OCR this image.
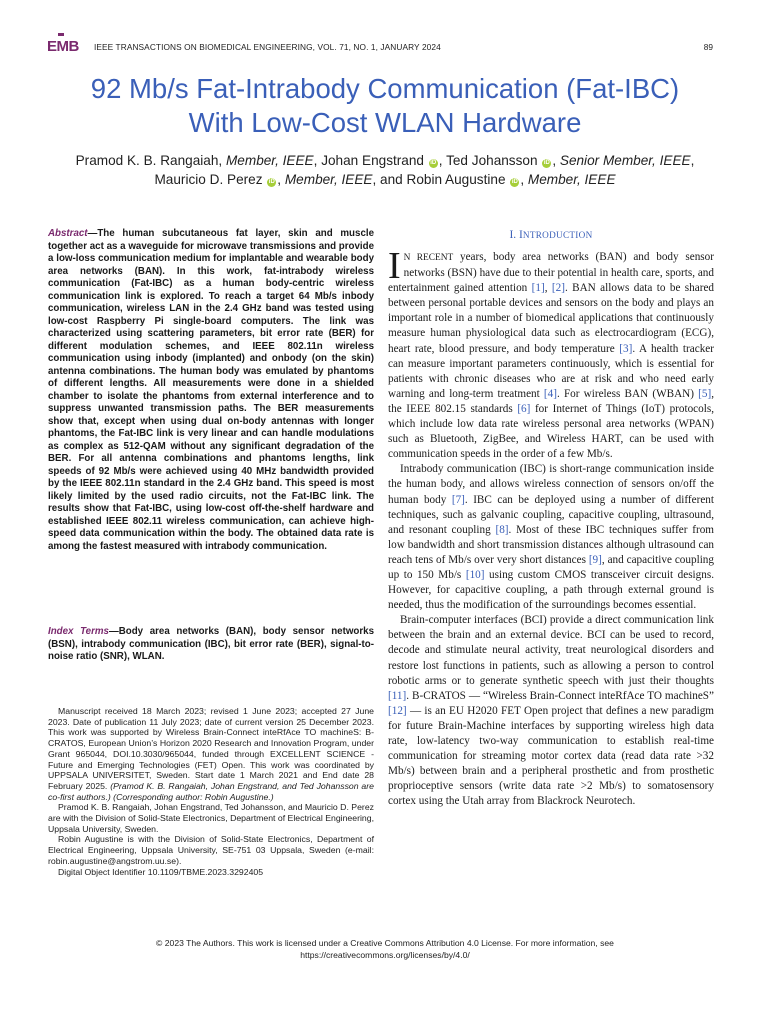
EMB IEEE TRANSACTIONS ON BIOMEDICAL ENGINEERING, VOL. 71, NO. 1, JANUARY 2024	89
92 Mb/s Fat-Intrabody Communication (Fat-IBC)
With Low-Cost WLAN Hardware
Pramod K. B. Rangaiah, Member, IEEE, Johan Engstrand iD , Ted Johansson iD , Senior Member, IEEE,
Mauricio D. Perez iD , Member, IEEE, and Robin Augustine iD , Member, IEEE
Abstract—The human subcutaneous fat layer, skin and muscle together act as a waveguide for microwave transmissions and provide a low-loss communication medium for implantable and wearable body area networks (BAN). In this work, fat-intrabody wireless communication (Fat-IBC) as a human body-centric wireless communication link is explored. To reach a target 64 Mb/s inbody communication, wireless LAN in the 2.4 GHz band was tested using low-cost Raspberry Pi single-board computers. The link was characterized using scattering parameters, bit error rate (BER) for different modulation schemes, and IEEE 802.11n wireless communication using inbody (implanted) and onbody (on the skin) antenna combinations. The human body was emulated by phantoms of different lengths. All measurements were done in a shielded chamber to isolate the phantoms from external interference and to suppress unwanted transmission paths. The BER measurements show that, except when using dual on-body antennas with longer phantoms, the Fat-IBC link is very linear and can handle modulations as complex as 512-QAM without any significant degradation of the BER. For all antenna combinations and phantoms lengths, link speeds of 92 Mb/s were achieved using 40 MHz bandwidth provided by the IEEE 802.11n standard in the 2.4 GHz band. This speed is most likely limited by the used radio circuits, not the Fat-IBC link. The results show that Fat-IBC, using low-cost off-the-shelf hardware and established IEEE 802.11 wireless communication, can achieve high-speed data communication within the body. The obtained data rate is among the fastest measured with intrabody communication.
Index Terms—Body area networks (BAN), body sensor networks (BSN), intrabody communication (IBC), bit error rate (BER), signal-to-noise ratio (SNR), WLAN.

Manuscript received 18 March 2023; revised 1 June 2023; accepted 27 June 2023. Date of publication 11 July 2023; date of current version 25 December 2023. This work was supported by Wireless Brain-Connect inteRfAce TO machineS: B-CRATOS, European Union’s Horizon 2020 Research and Innovation Program, under Grant 965044, DOI.10.3030/965044, funded through EXCELLENT SCIENCE - Future and Emerging Technologies (FET) Open. This work was coordinated by UPPSALA UNIVERSITET, Sweden. Start date 1 March 2021 and End date 28 February 2025. (Pramod K. B. Rangaiah, Johan Engstrand, and Ted Johansson are co-first authors.) (Corresponding author: Robin Augustine.)

Pramod K. B. Rangaiah, Johan Engstrand, Ted Johansson, and Mauricio D. Perez are with the Division of Solid-State Electronics, Department of Electrical Engineering, Uppsala University, Sweden.

Robin Augustine is with the Division of Solid-State Electronics, Department of Electrical Engineering, Uppsala University, SE-751 03 Uppsala, Sweden (e-mail: robin.augustine@angstrom.uu.se).

Digital Object Identifier 10.1109/TBME.2023.3292405

I. INTRODUCTION

I N RECENT years, body area networks (BAN) and body sensor networks (BSN) have due to their potential in health care, sports, and entertainment gained attention [1], [2]. BAN allows data to be shared between personal portable devices and sensors on the body and plays an important role in a number of biomedical applications that continuously measure human physiological data such as electrocardiogram (ECG), heart rate, blood pressure, and body temperature [3]. A health tracker can measure important parameters continuously, which is essential for patients with chronic diseases who are at risk and who need early warning and long-term treatment [4]. For wireless BAN (WBAN) [5], the IEEE 802.15 standards [6] for Internet of Things (IoT) protocols, which include low data rate wireless personal area networks (WPAN) such as Bluetooth, ZigBee, and Wireless HART, can be used with communication speeds in the order of a few Mb/s.

Intrabody communication (IBC) is short-range communication inside the human body, and allows wireless connection of sensors on/off the human body [7]. IBC can be deployed using a number of different techniques, such as galvanic coupling, capacitive coupling, ultrasound, and resonant coupling [8]. Most of these IBC techniques suffer from low bandwidth and short transmission distances although ultrasound can reach tens of Mb/s over very short distances [9], and capacitive coupling up to 150 Mb/s [10] using custom CMOS transceiver circuit designs. However, for capacitive coupling, a path through external ground is needed, thus the modification of the surroundings becomes essential.

Brain-computer interfaces (BCI) provide a direct communication link between the brain and an external device. BCI can be used to record, decode and stimulate neural activity, treat neurological disorders and restore lost functions in patients, such as allowing a person to control robotic arms or to generate synthetic speech with just their thoughts [11]. B-CRATOS — “Wireless Brain-Connect inteRfAce TO machineS” [12] — is an EU H2020 FET Open project that defines a new paradigm for future Brain-Machine interfaces by supporting wireless high data rate, low-latency two-way communication to establish real-time communication for streaming motor cortex data (read data rate >32 Mb/s) between brain and a peripheral prosthetic and from prosthetic proprioceptive sensors (write data rate >2 Mb/s) to somatosensory cortex using the Utah array from Blackrock Neurotech.

© 2023 The Authors. This work is licensed under a Creative Commons Attribution 4.0 License. For more information, see
https://creativecommons.org/licenses/by/4.0/
